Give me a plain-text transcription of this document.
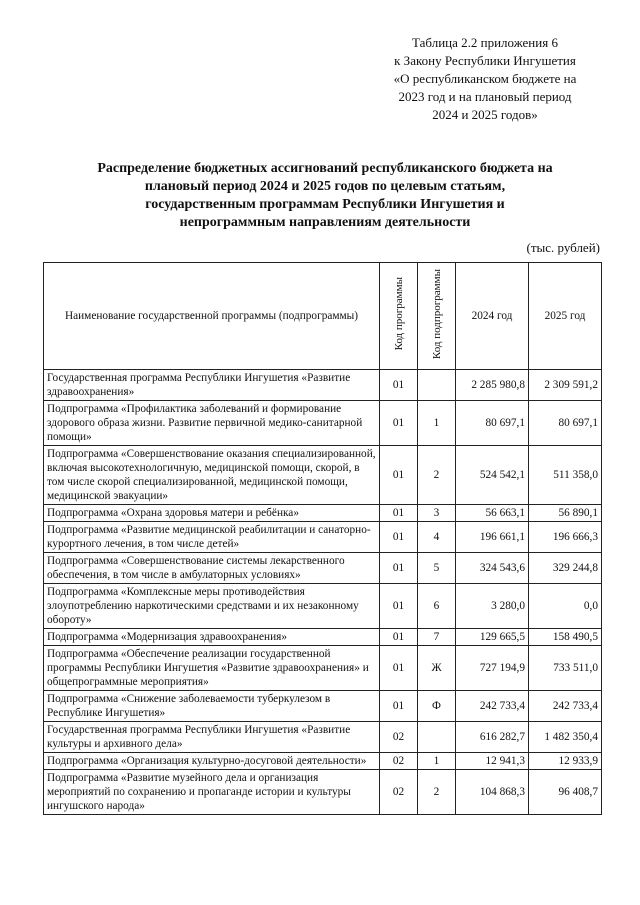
Таблица 2.2 приложения 6
к Закону Республики Ингушетия
«О республиканском бюджете на
2023 год и на плановый период
2024 и 2025 годов»
Распределение бюджетных ассигнований республиканского бюджета на
плановый период 2024 и 2025 годов по целевым статьям,
государственным программам Республики Ингушетия и
непрограммным направлениям деятельности
(тыс. рублей)
Наименование государственной программы (подпрограммы)	Код программы	Код подпрограммы	2024 год	2025 год
Государственная программа Республики Ингушетия «Развитие здравоохранения»	01		2 285 980,8	2 309 591,2
Подпрограмма «Профилактика заболеваний и формирование здорового образа жизни. Развитие первичной медико-санитарной помощи»	01	1	80 697,1	80 697,1
Подпрограмма «Совершенствование оказания специализированной, включая высокотехнологичную, медицинской помощи, скорой, в том числе скорой специализированной, медицинской помощи, медицинской эвакуации»	01	2	524 542,1	511 358,0
Подпрограмма «Охрана здоровья матери и ребёнка»	01	3	56 663,1	56 890,1
Подпрограмма «Развитие медицинской реабилитации и санаторно-курортного лечения, в том числе детей»	01	4	196 661,1	196 666,3
Подпрограмма «Совершенствование системы лекарственного обеспечения, в том числе в амбулаторных условиях»	01	5	324 543,6	329 244,8
Подпрограмма «Комплексные меры противодействия злоупотреблению наркотическими средствами и их незаконному обороту»	01	6	3 280,0	0,0
Подпрограмма «Модернизация здравоохранения»	01	7	129 665,5	158 490,5
Подпрограмма «Обеспечение реализации государственной программы Республики Ингушетия «Развитие здравоохранения» и общепрограммные мероприятия»	01	Ж	727 194,9	733 511,0
Подпрограмма «Снижение заболеваемости туберкулезом в Республике Ингушетия»	01	Ф	242 733,4	242 733,4
Государственная программа Республики Ингушетия «Развитие культуры и архивного дела»	02		616 282,7	1 482 350,4
Подпрограмма «Организация культурно-досуговой деятельности»	02	1	12 941,3	12 933,9
Подпрограмма «Развитие музейного дела и организация мероприятий по сохранению и пропаганде истории и культуры ингушского народа»	02	2	104 868,3	96 408,7
